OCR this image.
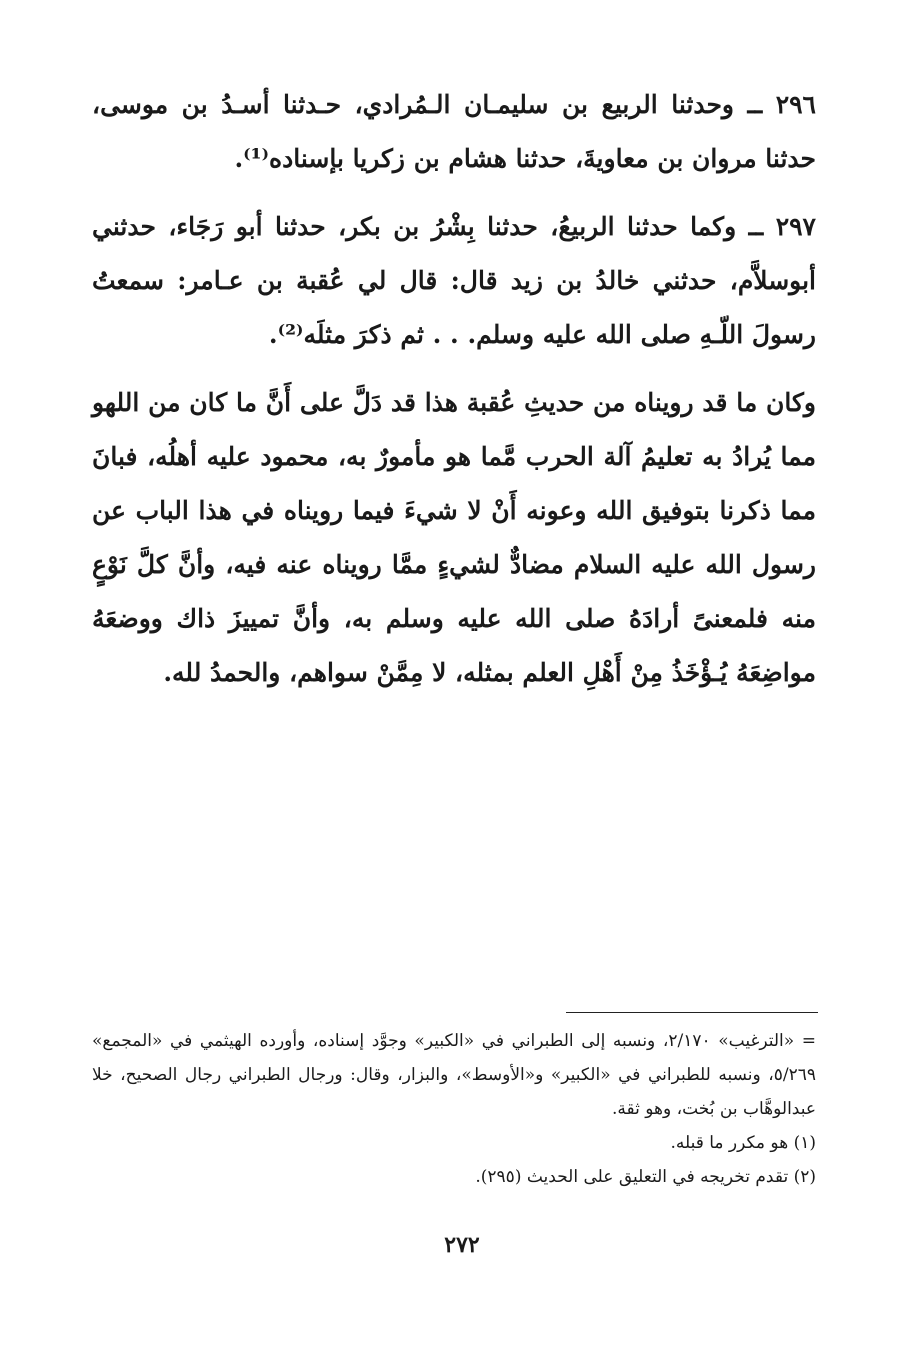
٢٩٦ ــ وحدثنا الربيع بن سليمـان الـمُرادي، حـدثنا أسـدُ بن موسى، حدثنا مروان بن معاويةَ، حدثنا هشام بن زكريا بإسناده⁽¹⁾.

٢٩٧ ــ وكما حدثنا الربيعُ، حدثنا بِشْرُ بن بكر، حدثنا أبو رَجَاء، حدثني أبوسلاَّم، حدثني خالدُ بن زيد قال: قال لي عُقبة بن عـامر: سمعتُ رسولَ اللّـهِ صلى الله عليه وسلم. . . ثم ذكرَ مثلَه⁽²⁾.

وكان ما قد رويناه من حديثِ عُقبة هذا قد دَلَّ على أَنَّ ما كان من اللهو مما يُرادُ به تعليمُ آلة الحرب مَّما هو مأمورٌ به، محمود عليه أهلُه، فبانَ مما ذكرنا بتوفيق الله وعونه أَنْ لا شيءَ فيما رويناه في هذا الباب عن رسول الله عليه السلام مضادٌّ لشيءٍ ممَّا رويناه عنه فيه، وأنَّ كلَّ نَوْعٍ منه فلمعنىً أرادَهُ صلى الله عليه وسلم به، وأنَّ تمييزَ ذاك ووضعَهُ مواضِعَهُ يُـؤْخَذُ مِنْ أَهْلِ العلم بمثله، لا مِمَّنْ سواهم، والحمدُ لله.

= «الترغيب» ٢/١٧٠، ونسبه إلى الطبراني في «الكبير» وجوَّد إسناده، وأورده الهيثمي في «المجمع» ٥/٢٦٩، ونسبه للطبراني في «الكبير» و«الأوسط»، والبزار، وقال: ورجال الطبراني رجال الصحيح، خلا عبدالوهَّاب بن بُخت، وهو ثقة.

(١) هو مكرر ما قبله.

(٢) تقدم تخريجه في التعليق على الحديث (٢٩٥).

٢٧٢
